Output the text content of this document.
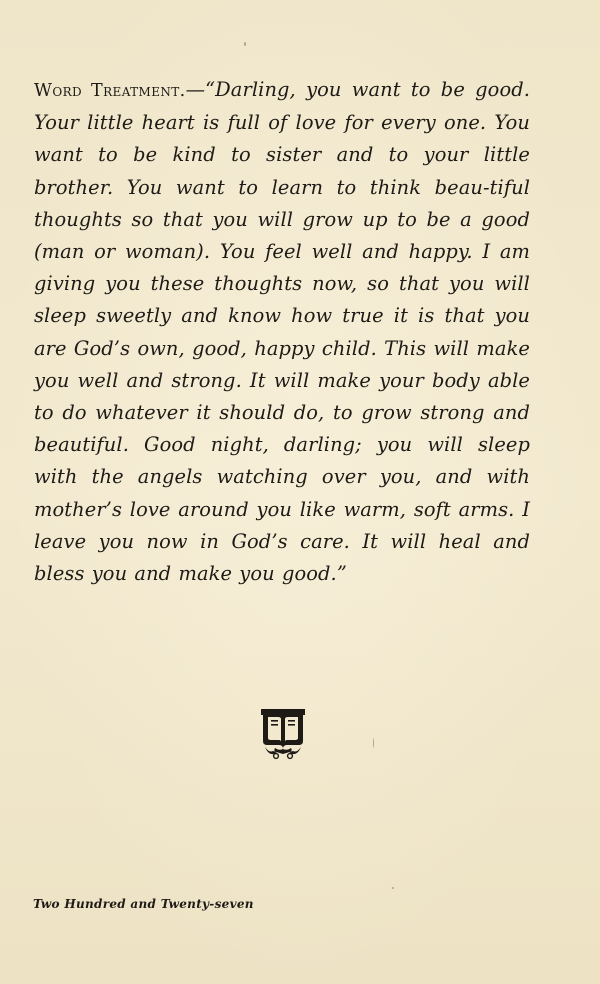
Word Treatment.—“Darling, you want to be good. Your little heart is full of love for every one. You want to be kind to sister and to your little brother. You want to learn to think beau-tiful thoughts so that you will grow up to be a good (man or woman). You feel well and happy. I am giving you these thoughts now, so that you will sleep sweetly and know how true it is that you are God’s own, good, happy child. This will make you well and strong. It will make your body able to do whatever it should do, to grow strong and beautiful. Good night, darling; you will sleep with the angels watching over you, and with mother’s love around you like warm, soft arms. I leave you now in God’s care. It will heal and bless you and make you good.”
Two Hundred and Twenty-seven
